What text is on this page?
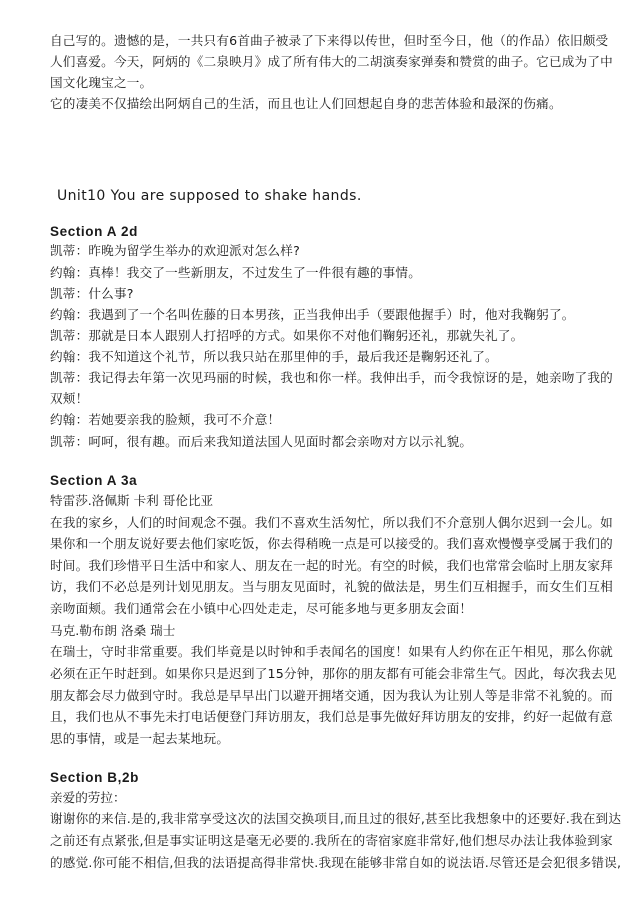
自己写的。遗憾的是，一共只有6首曲子被录了下来得以传世，但时至今日，他（的作品）依旧颇受
人们喜爱。今天，阿炳的《二泉映月》成了所有伟大的二胡演奏家弹奏和赞赏的曲子。它已成为了中
国文化瑰宝之一。
它的凄美不仅描绘出阿炳自己的生活，而且也让人们回想起自身的悲苦体验和最深的伤痛。
Unit10 You are supposed to shake hands.
Section A 2d
凯蒂：昨晚为留学生举办的欢迎派对怎么样?
约翰：真棒！我交了一些新朋友，不过发生了一件很有趣的事情。
凯蒂：什么事?
约翰：我遇到了一个名叫佐藤的日本男孩，正当我伸出手（要跟他握手）时，他对我鞠躬了。
凯蒂：那就是日本人跟别人打招呼的方式。如果你不对他们鞠躬还礼，那就失礼了。
约翰：我不知道这个礼节，所以我只站在那里伸的手，最后我还是鞠躬还礼了。
凯蒂：我记得去年第一次见玛丽的时候，我也和你一样。我伸出手，而令我惊讶的是，她亲吻了我的
双颊！
约翰：若她要亲我的脸颊，我可不介意！
凯蒂：呵呵，很有趣。而后来我知道法国人见面时都会亲吻对方以示礼貌。
Section A 3a
特雷莎.洛佩斯 卡利 哥伦比亚
在我的家乡，人们的时间观念不强。我们不喜欢生活匆忙，所以我们不介意别人偶尔迟到一会儿。如
果你和一个朋友说好要去他们家吃饭，你去得稍晚一点是可以接受的。我们喜欢慢慢享受属于我们的
时间。我们珍惜平日生活中和家人、朋友在一起的时光。有空的时候，我们也常常会临时上朋友家拜
访，我们不必总是列计划见朋友。当与朋友见面时，礼貌的做法是，男生们互相握手，而女生们互相
亲吻面颊。我们通常会在小镇中心四处走走，尽可能多地与更多朋友会面！
马克.勒布朗 洛桑 瑞士
在瑞士，守时非常重要。我们毕竟是以时钟和手表闻名的国度！如果有人约你在正午相见，那么你就
必须在正午时赶到。如果你只是迟到了15分钟，那你的朋友都有可能会非常生气。因此，每次我去见
朋友都会尽力做到守时。我总是早早出门以避开拥堵交通，因为我认为让别人等是非常不礼貌的。而
且，我们也从不事先未打电话便登门拜访朋友，我们总是事先做好拜访朋友的安排，约好一起做有意
思的事情，或是一起去某地玩。
Section B,2b
亲爱的劳拉：
谢谢你的来信.是的,我非常享受这次的法国交换项目,而且过的很好,甚至比我想象中的还要好.我在到达
之前还有点紧张,但是事实证明这是毫无必要的.我所在的寄宿家庭非常好,他们想尽办法让我体验到家
的感觉.你可能不相信,但我的法语提高得非常快.我现在能够非常自如的说法语.尽管还是会犯很多错误,
